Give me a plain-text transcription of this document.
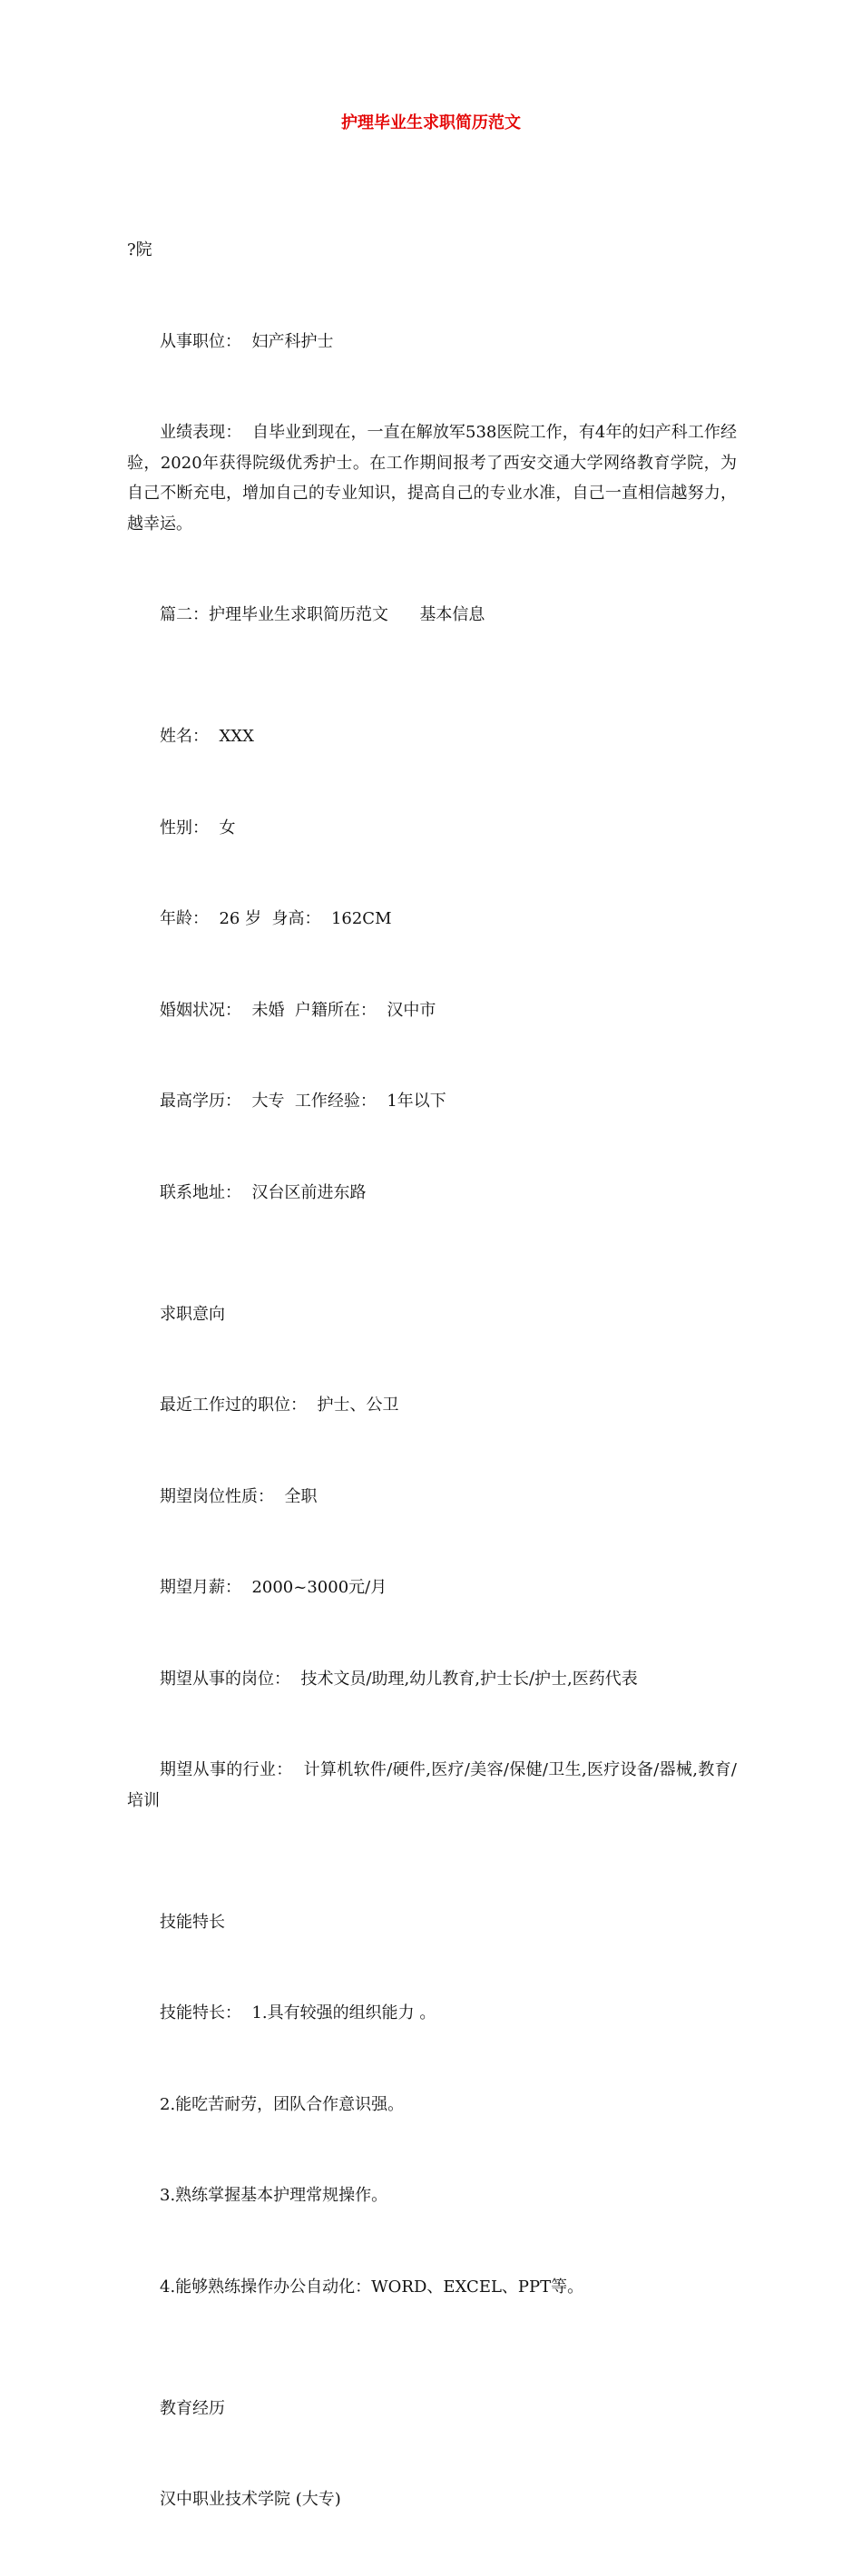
护理毕业生求职简历范文

?院

从事职位：  妇产科护士

业绩表现：  自毕业到现在，一直在解放军538医院工作，有4年的妇产科工作经验，2020年获得院级优秀护士。在工作期间报考了西安交通大学网络教育学院，为自己不断充电，增加自己的专业知识，提高自己的专业水准，自己一直相信越努力，越幸运。

篇二：护理毕业生求职简历范文      基本信息

姓名：  XXX

性别：  女

年龄：  26 岁  身高：  162CM

婚姻状况：  未婚  户籍所在：  汉中市

最高学历：  大专  工作经验：  1年以下

联系地址：  汉台区前进东路

求职意向

最近工作过的职位：  护士、公卫

期望岗位性质：  全职

期望月薪：  2000~3000元/月

期望从事的岗位：  技术文员/助理,幼儿教育,护士长/护士,医药代表

期望从事的行业：  计算机软件/硬件,医疗/美容/保健/卫生,医疗设备/器械,教育/培训

技能特长

技能特长：  1.具有较强的组织能力 。

2.能吃苦耐劳，团队合作意识强。

3.熟练掌握基本护理常规操作。

4.能够熟练操作办公自动化：WORD、EXCEL、PPT等。

教育经历

汉中职业技术学院 (大专)
